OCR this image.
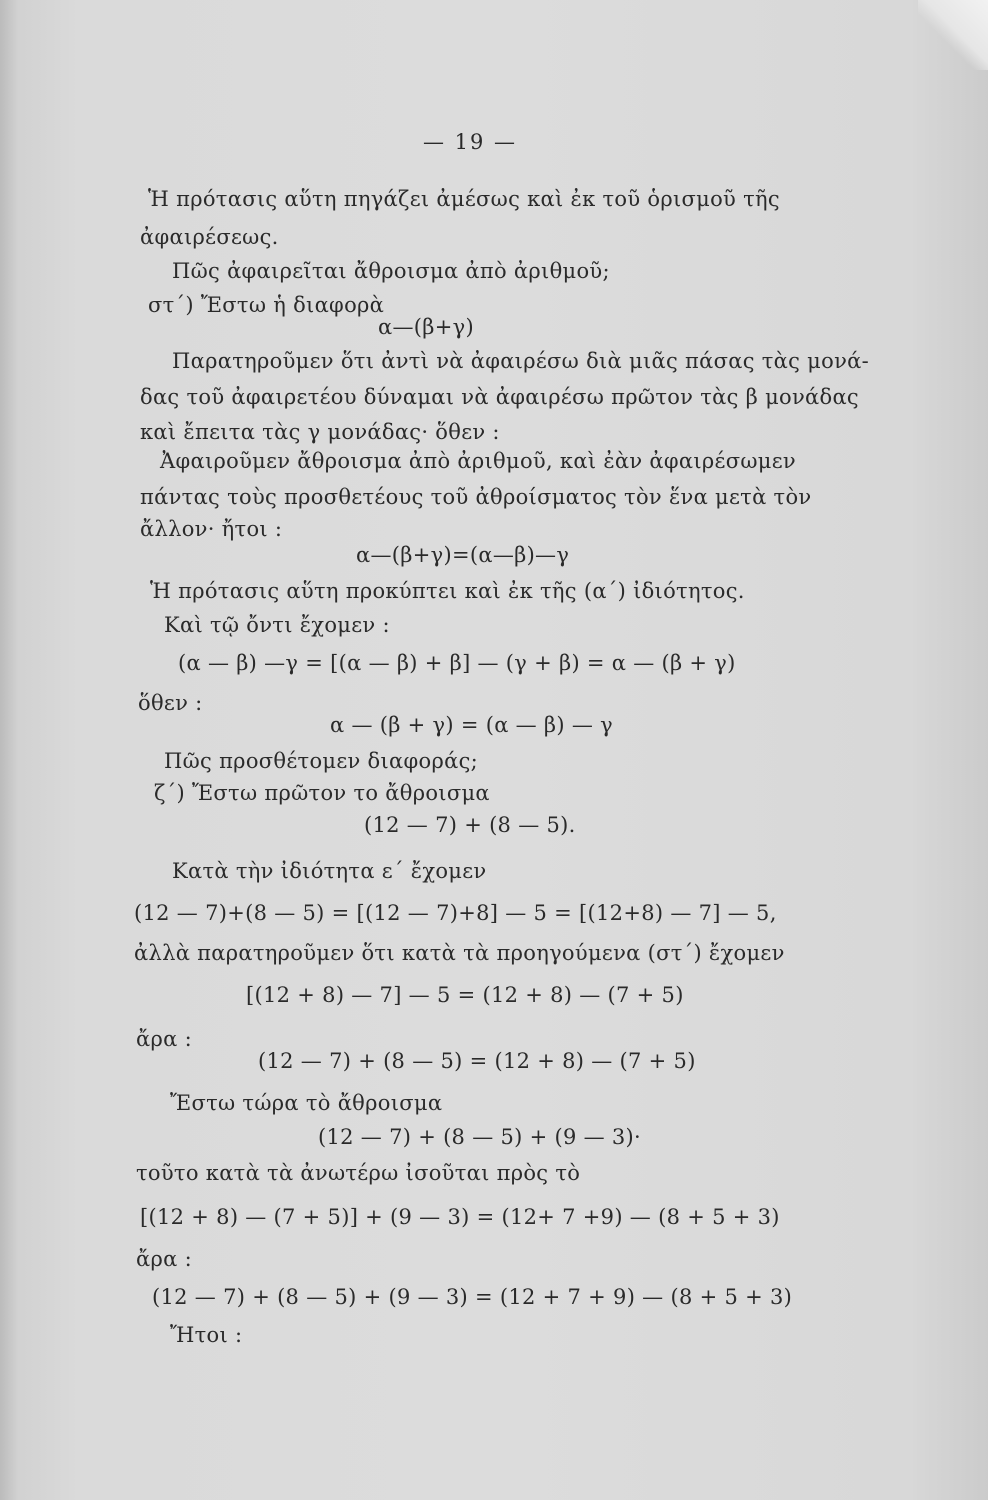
— 19 —
Ἡ πρότασις αὕτη πηγάζει ἀμέσως καὶ ἐκ τοῦ ὁρισμοῦ τῆς
ἀφαιρέσεως.
Πῶς ἀφαιρεῖται ἄθροισμα ἀπὸ ἀριθμοῦ;
στ΄) Ἔστω ἡ διαφορὰ
α—(β+γ)
Παρατηροῦμεν ὅτι ἀντὶ νὰ ἀφαιρέσω διὰ μιᾶς πάσας τὰς μονά-
δας τοῦ ἀφαιρετέου δύναμαι νὰ ἀφαιρέσω πρῶτον τὰς β μονάδας
καὶ ἔπειτα τὰς γ μονάδας· ὅθεν :
Ἀφαιροῦμεν ἄθροισμα ἀπὸ ἀριθμοῦ, καὶ ἐὰν ἀφαιρέσωμεν
πάντας τοὺς προσθετέους τοῦ ἀθροίσματος τὸν ἕνα μετὰ τὸν
ἄλλον· ἤτοι :
α—(β+γ)=(α—β)—γ
Ἡ πρότασις αὕτη προκύπτει καὶ ἐκ τῆς (α΄) ἰδιότητος.
Καὶ τῷ ὄντι ἔχομεν :
(α — β) —γ = [(α — β) + β] — (γ + β) = α — (β + γ)
ὅθεν :
α — (β + γ) = (α — β) — γ
Πῶς προσθέτομεν διαφοράς;
ζ΄) Ἔστω πρῶτον το ἄθροισμα
(12 — 7) + (8 — 5).
Κατὰ τὴν ἰδιότητα ε΄ ἔχομεν
(12 — 7)+(8 — 5) = [(12 — 7)+8] — 5 = [(12+8) — 7] — 5,
ἀλλὰ παρατηροῦμεν ὅτι κατὰ τὰ προηγούμενα (στ΄) ἔχομεν
[(12 + 8) — 7] — 5 = (12 + 8) — (7 + 5)
ἄρα :
(12 — 7) + (8 — 5) = (12 + 8) — (7 + 5)
Ἔστω τώρα τὸ ἄθροισμα
(12 — 7) + (8 — 5) + (9 — 3)·
τοῦτο κατὰ τὰ ἀνωτέρω ἰσοῦται πρὸς τὸ
[(12 + 8) — (7 + 5)] + (9 — 3) = (12+ 7 +9) — (8 + 5 + 3)
ἄρα :
(12 — 7) + (8 — 5) + (9 — 3) = (12 + 7 + 9) — (8 + 5 + 3)
Ἤτοι :
